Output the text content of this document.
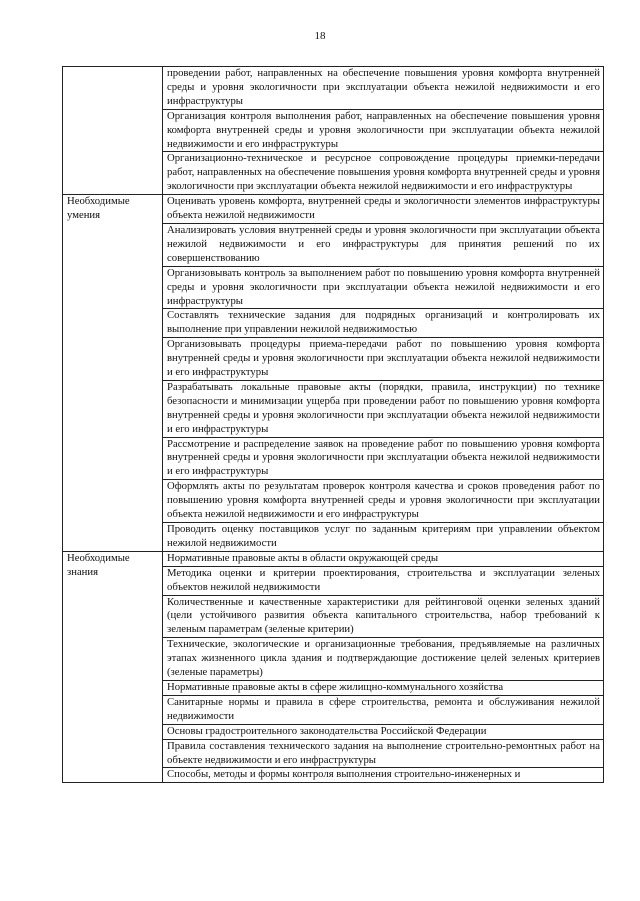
18
	проведении работ, направленных на обеспечение повышения уровня комфорта внутренней среды и уровня экологичности при эксплуатации объекта нежилой недвижимости и его инфраструктуры
	Организация контроля выполнения работ, направленных на обеспечение повышения уровня комфорта внутренней среды и уровня экологичности при эксплуатации объекта нежилой недвижимости и его инфраструктуры
	Организационно-техническое и ресурсное сопровождение процедуры приемки-передачи работ, направленных на обеспечение повышения уровня комфорта внутренней среды и уровня экологичности при эксплуатации объекта нежилой недвижимости и его инфраструктуры
Необходимые умения	Оценивать уровень комфорта, внутренней среды и экологичности элементов инфраструктуры объекта нежилой недвижимости
	Анализировать условия внутренней среды и уровня экологичности при эксплуатации объекта нежилой недвижимости и его инфраструктуры для принятия решений по их совершенствованию
	Организовывать контроль за выполнением работ по повышению уровня комфорта внутренней среды и уровня экологичности при эксплуатации объекта нежилой недвижимости и его инфраструктуры
	Составлять технические задания для подрядных организаций и контролировать их выполнение при управлении нежилой недвижимостью
	Организовывать процедуры приема-передачи работ по повышению уровня комфорта внутренней среды и уровня экологичности при эксплуатации объекта нежилой недвижимости и его инфраструктуры
	Разрабатывать локальные правовые акты (порядки, правила, инструкции) по технике безопасности и минимизации ущерба при проведении работ по повышению уровня комфорта внутренней среды и уровня экологичности при эксплуатации объекта нежилой недвижимости и его инфраструктуры
	Рассмотрение и распределение заявок на проведение работ по повышению уровня комфорта внутренней среды и уровня экологичности при эксплуатации объекта нежилой недвижимости и его инфраструктуры
	Оформлять акты по результатам проверок контроля качества и сроков проведения работ по повышению уровня комфорта внутренней среды и уровня экологичности при эксплуатации объекта нежилой недвижимости и его инфраструктуры
	Проводить оценку поставщиков услуг по заданным критериям при управлении объектом нежилой недвижимости
Необходимые знания	Нормативные правовые акты в области окружающей среды
	Методика оценки и критерии проектирования, строительства и эксплуатации зеленых объектов нежилой недвижимости
	Количественные и качественные характеристики для рейтинговой оценки зеленых зданий (цели устойчивого развития объекта капитального строительства, набор требований к зеленым параметрам (зеленые критерии)
	Технические, экологические и организационные требования, предъявляемые на различных этапах жизненного цикла здания и подтверждающие достижение целей зеленых критериев (зеленые параметры)
	Нормативные правовые акты в сфере жилищно-коммунального хозяйства
	Санитарные нормы и правила в сфере строительства, ремонта и обслуживания нежилой недвижимости
	Основы градостроительного законодательства Российской Федерации
	Правила составления технического задания на выполнение строительно-ремонтных работ на объекте недвижимости и его инфраструктуры
	Способы, методы и формы контроля выполнения строительно-инженерных и
